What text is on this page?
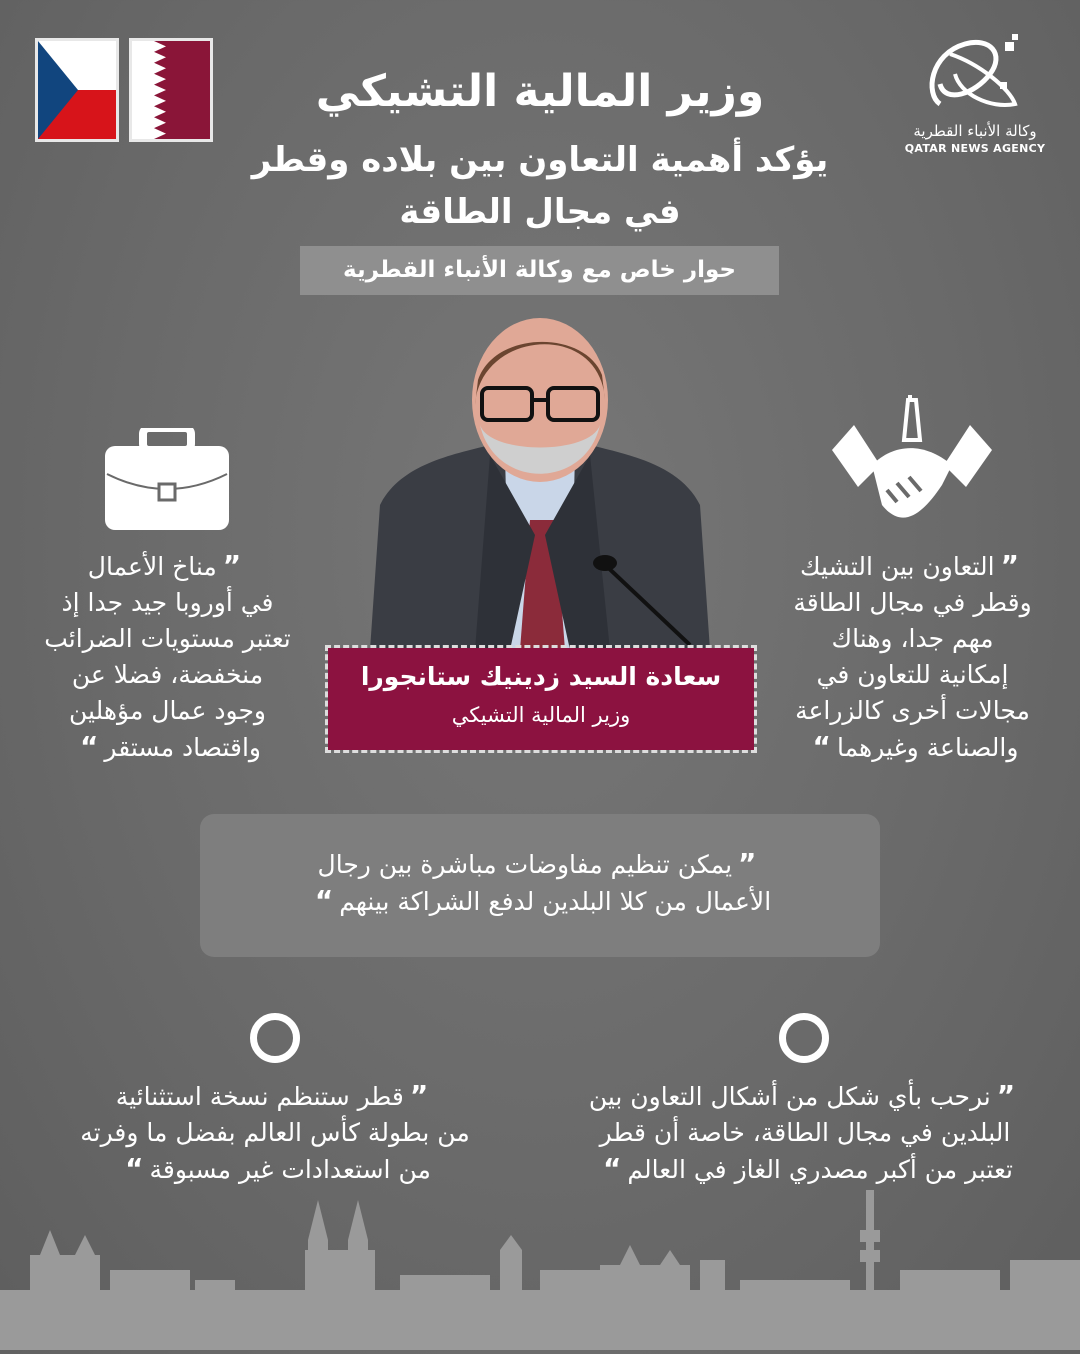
وكالة الأنباء القطرية
QATAR NEWS AGENCY
وزير المالية التشيكي
يؤكد أهمية التعاون بين بلاده وقطر
في مجال الطاقة
حوار خاص مع وكالة الأنباء القطرية
سعادة السيد زدينيك ستانجورا
وزير المالية التشيكي
”مناخ الأعمال
في أوروبا جيد جدا إذ
تعتبر مستويات الضرائب
منخفضة، فضلا عن
وجود عمال مؤهلين
واقتصاد مستقر“
”التعاون بين التشيك
وقطر في مجال الطاقة
مهم جدا، وهناك
إمكانية للتعاون في
مجالات أخرى كالزراعة
والصناعة وغيرهما“
”يمكن تنظيم مفاوضات مباشرة بين رجال
الأعمال من كلا البلدين لدفع الشراكة بينهم“
”قطر ستنظم نسخة استثنائية
من بطولة كأس العالم بفضل ما وفرته
من استعدادات غير مسبوقة“
”نرحب بأي شكل من أشكال التعاون بين
البلدين في مجال الطاقة، خاصة أن قطر
تعتبر من أكبر مصدري الغاز في العالم“
